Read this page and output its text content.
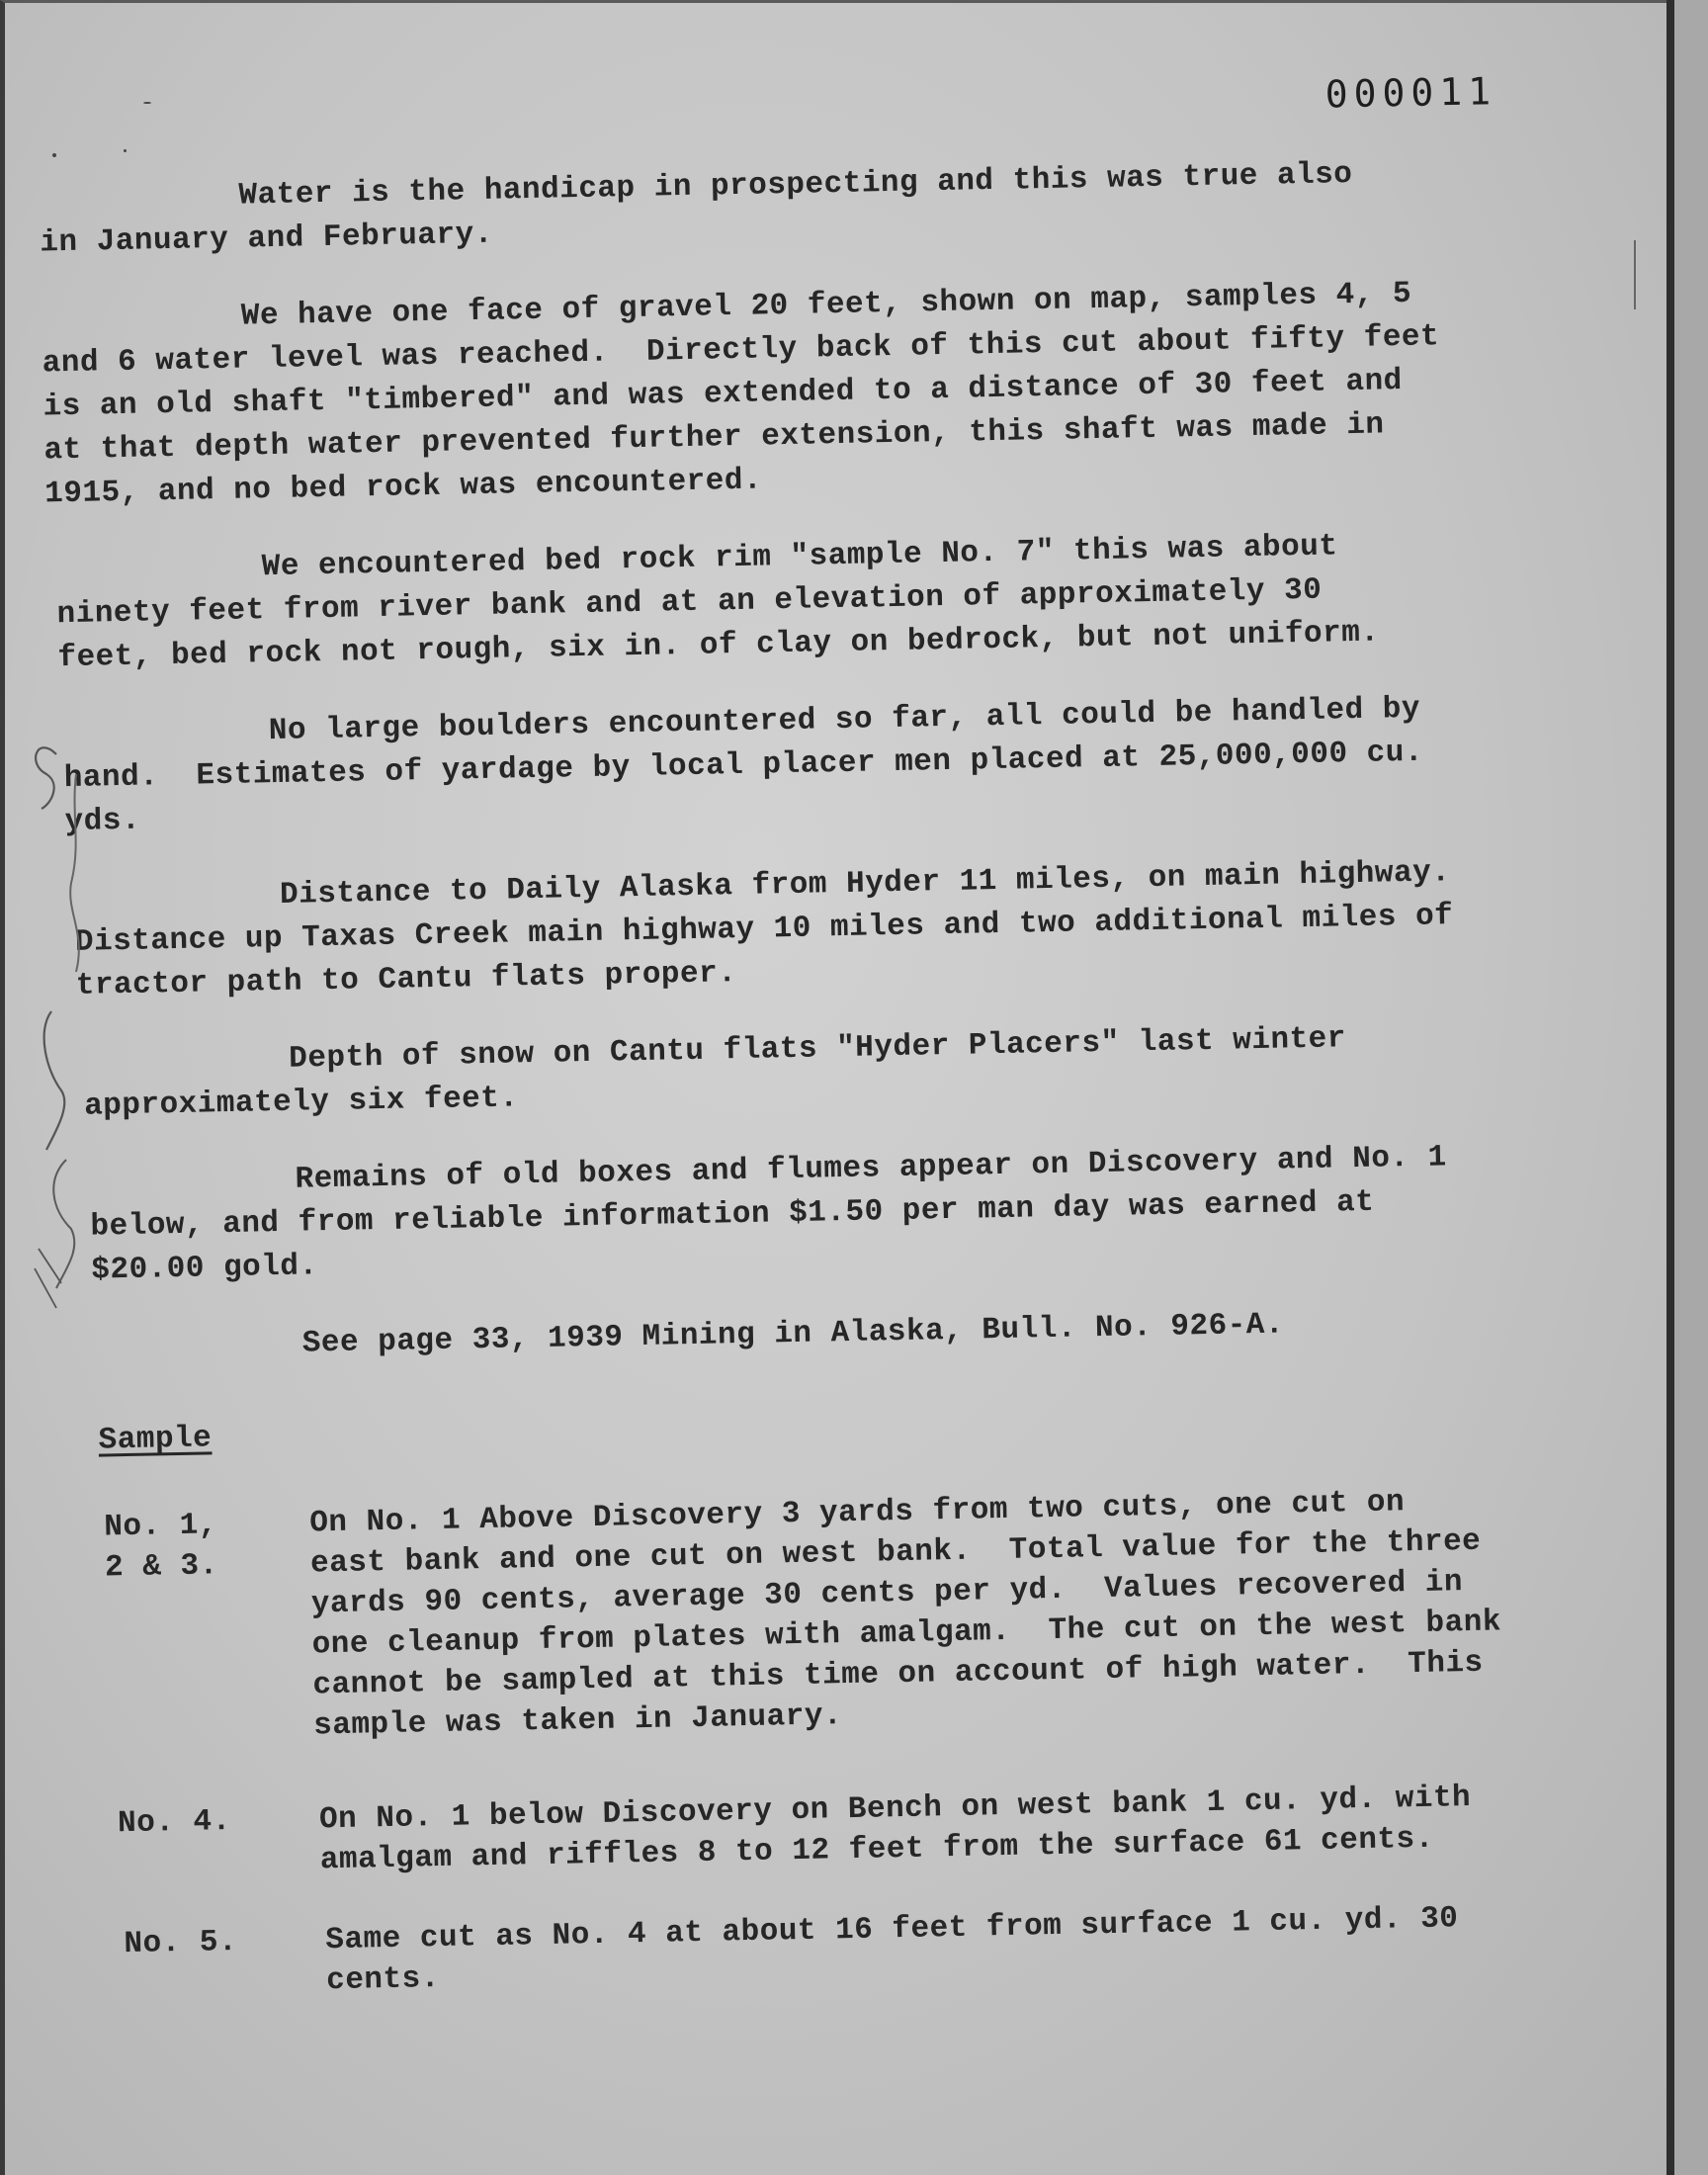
000011
Water is the handicap in prospecting and this was true also
in January and February.
We have one face of gravel 20 feet, shown on map, samples 4, 5
and 6 water level was reached.  Directly back of this cut about fifty feet
is an old shaft "timbered" and was extended to a distance of 30 feet and
at that depth water prevented further extension, this shaft was made in
1915, and no bed rock was encountered.
We encountered bed rock rim "sample No. 7" this was about
ninety feet from river bank and at an elevation of approximately 30
feet, bed rock not rough, six in. of clay on bedrock, but not uniform.
No large boulders encountered so far, all could be handled by
hand.  Estimates of yardage by local placer men placed at 25,000,000 cu.
yds.
Distance to Daily Alaska from Hyder 11 miles, on main highway.
Distance up Taxas Creek main highway 10 miles and two additional miles of
tractor path to Cantu flats proper.
Depth of snow on Cantu flats "Hyder Placers" last winter
approximately six feet.
Remains of old boxes and flumes appear on Discovery and No. 1
below, and from reliable information $1.50 per man day was earned at
$20.00 gold.
See page 33, 1939 Mining in Alaska, Bull. No. 926-A.
Sample
No. 1,
2 & 3.
On No. 1 Above Discovery 3 yards from two cuts, one cut on
east bank and one cut on west bank.  Total value for the three
yards 90 cents, average 30 cents per yd.  Values recovered in
one cleanup from plates with amalgam.  The cut on the west bank
cannot be sampled at this time on account of high water.  This
sample was taken in January.
No. 4.	On No. 1 below Discovery on Bench on west bank 1 cu. yd. with
amalgam and riffles 8 to 12 feet from the surface 61 cents.
No. 5.	Same cut as No. 4 at about 16 feet from surface 1 cu. yd. 30
cents.
